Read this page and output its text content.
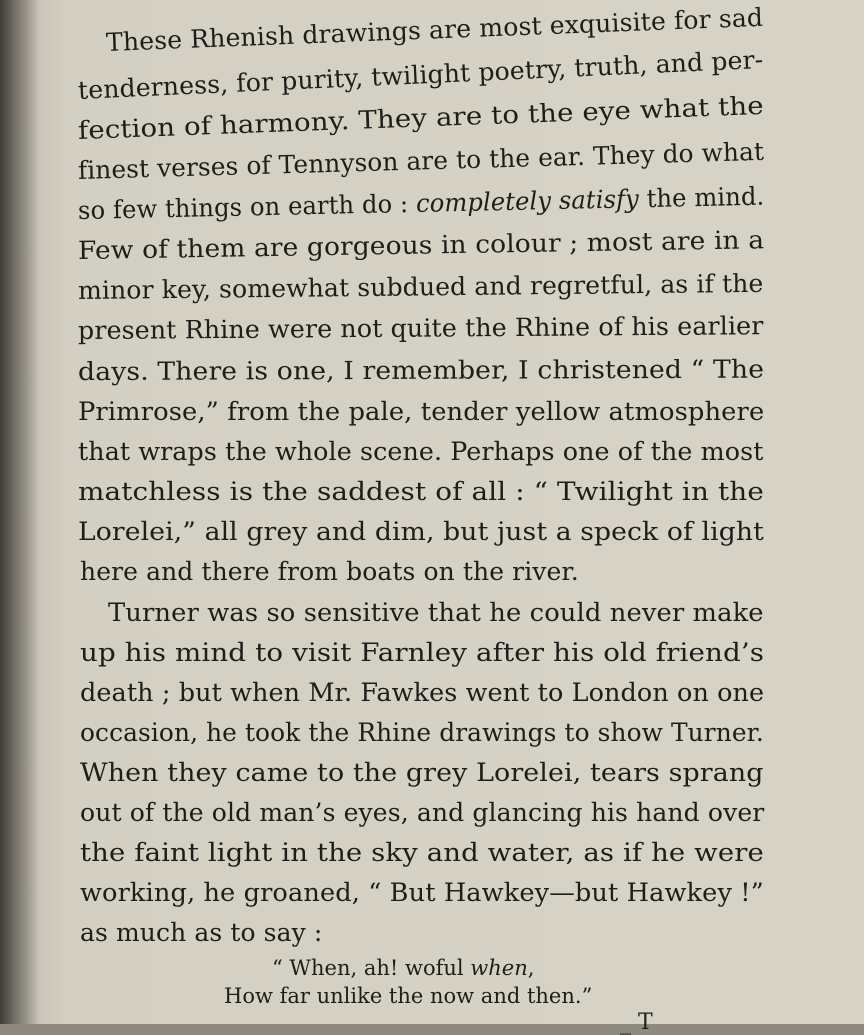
These Rhenish drawings are most exquisite for sad
tenderness, for purity, twilight poetry, truth, and per-
fection of harmony. They are to the eye what the
finest verses of Tennyson are to the ear. They do what
so few things on earth do : completely satisfy the mind.
Few of them are gorgeous in colour ; most are in a
minor key, somewhat subdued and regretful, as if the
present Rhine were not quite the Rhine of his earlier
days. There is one, I remember, I christened “ The
Primrose,” from the pale, tender yellow atmosphere
that wraps the whole scene. Perhaps one of the most
matchless is the saddest of all : “ Twilight in the
Lorelei,” all grey and dim, but just a speck of light
here and there from boats on the river.
Turner was so sensitive that he could never make
up his mind to visit Farnley after his old friend’s
death ; but when Mr. Fawkes went to London on one
occasion, he took the Rhine drawings to show Turner.
When they came to the grey Lorelei, tears sprang
out of the old man’s eyes, and glancing his hand over
the faint light in the sky and water, as if he were
working, he groaned, “ But Hawkey—but Hawkey !”
as much as to say :
“ When, ah! woful when,
How far unlike the now and then.”
_ T
